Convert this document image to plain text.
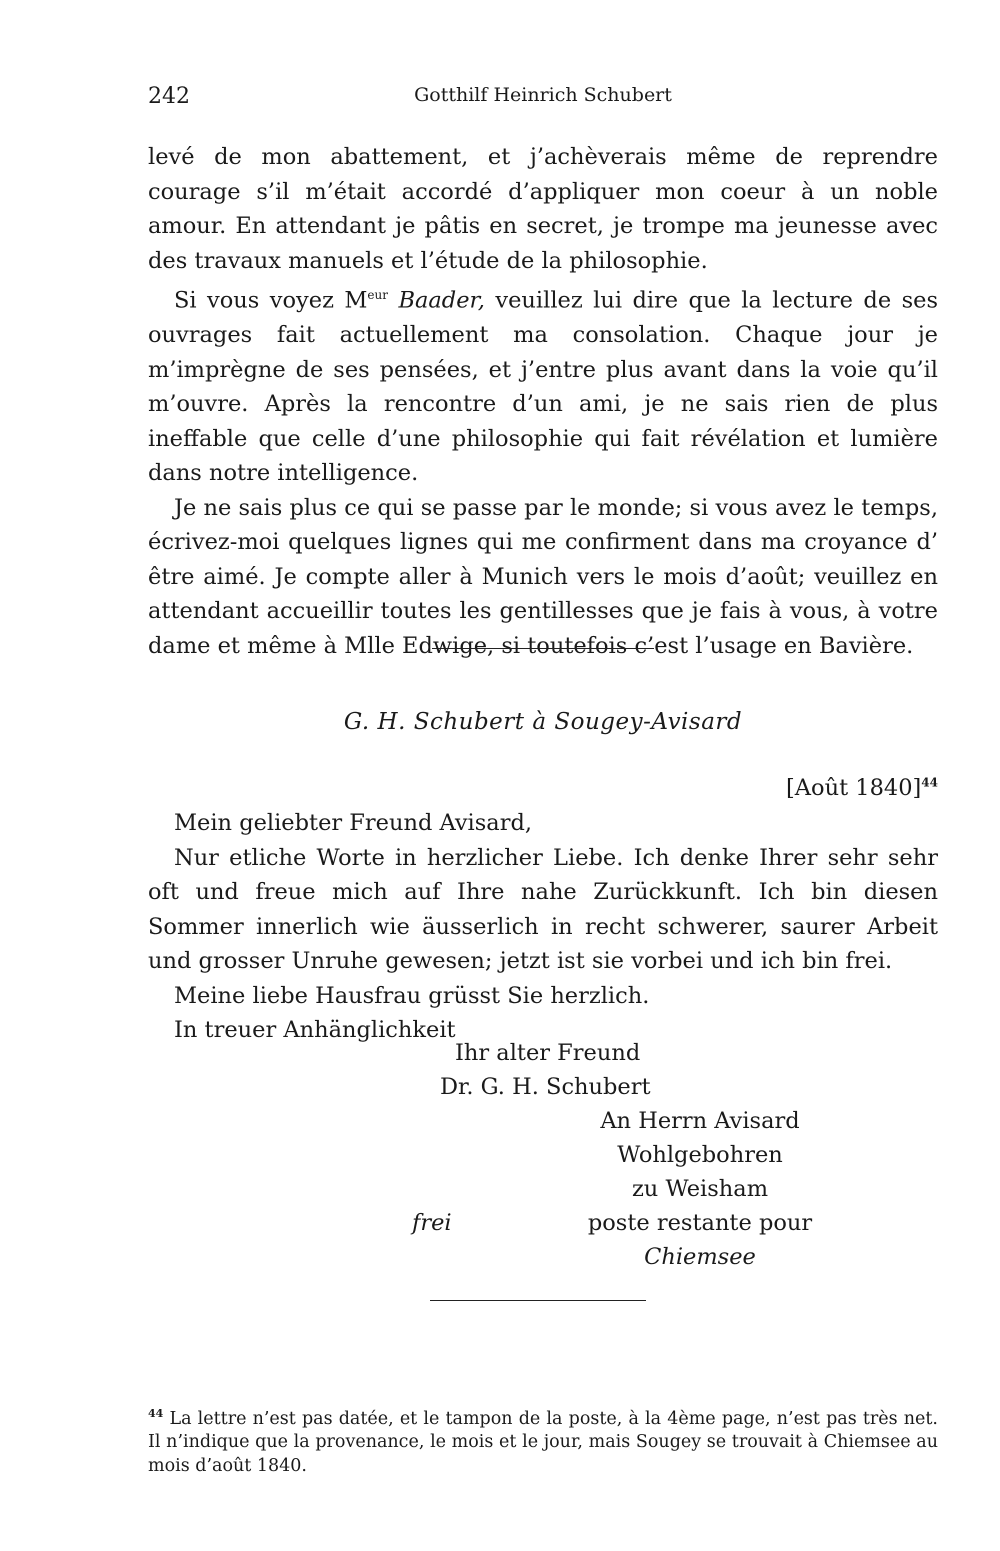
242	Gotthilf Heinrich Schubert

levé de mon abattement, et j’achèverais même de reprendre courage s’il m’était accordé d’appliquer mon coeur à un noble amour. En attendant je pâtis en secret, je trompe ma jeunesse avec des travaux manuels et l’étude de la philosophie.

Si vous voyez $M^{eur}$ Baader, veuillez lui dire que la lecture de ses ouvrages fait actuellement ma consolation. Chaque jour je m’imprègne de ses pensées, et j’entre plus avant dans la voie qu’il m’ouvre. Après la rencontre d’un ami, je ne sais rien de plus ineffable que celle d’une philosophie qui fait révélation et lumière dans notre intelligence.

Je ne sais plus ce qui se passe par le monde; si vous avez le temps, écrivez-moi quelques lignes qui me confirment dans ma croyance d’ être aimé. Je compte aller à Munich vers le mois d’août; veuillez en attendant accueillir toutes les gentillesses que je fais à vous, à votre dame et même à Mlle Edwige, si toutefois c’est l’usage en Bavière.

G. H. Schubert à Sougey-Avisard
[Août 1840]$^{44}$

Mein geliebter Freund Avisard,

Nur etliche Worte in herzlicher Liebe. Ich denke Ihrer sehr sehr oft und freue mich auf Ihre nahe Zurückkunft. Ich bin diesen Sommer innerlich wie äusserlich in recht schwerer, saurer Arbeit und grosser Unruhe gewesen; jetzt ist sie vorbei und ich bin frei.

Meine liebe Hausfrau grüsst Sie herzlich.

In treuer Anhänglichkeit

Ihr alter Freund
Dr. G. H. Schubert
An Herrn Avisard
Wohlgebohren
zu Weisham
poste restante pour
Chiemsee
frei
$^{44}$ La lettre n’est pas datée, et le tampon de la poste, à la 4ème page, n’est pas très net. Il n’indique que la provenance, le mois et le jour, mais Sougey se trouvait à Chiemsee au mois d’août 1840.
